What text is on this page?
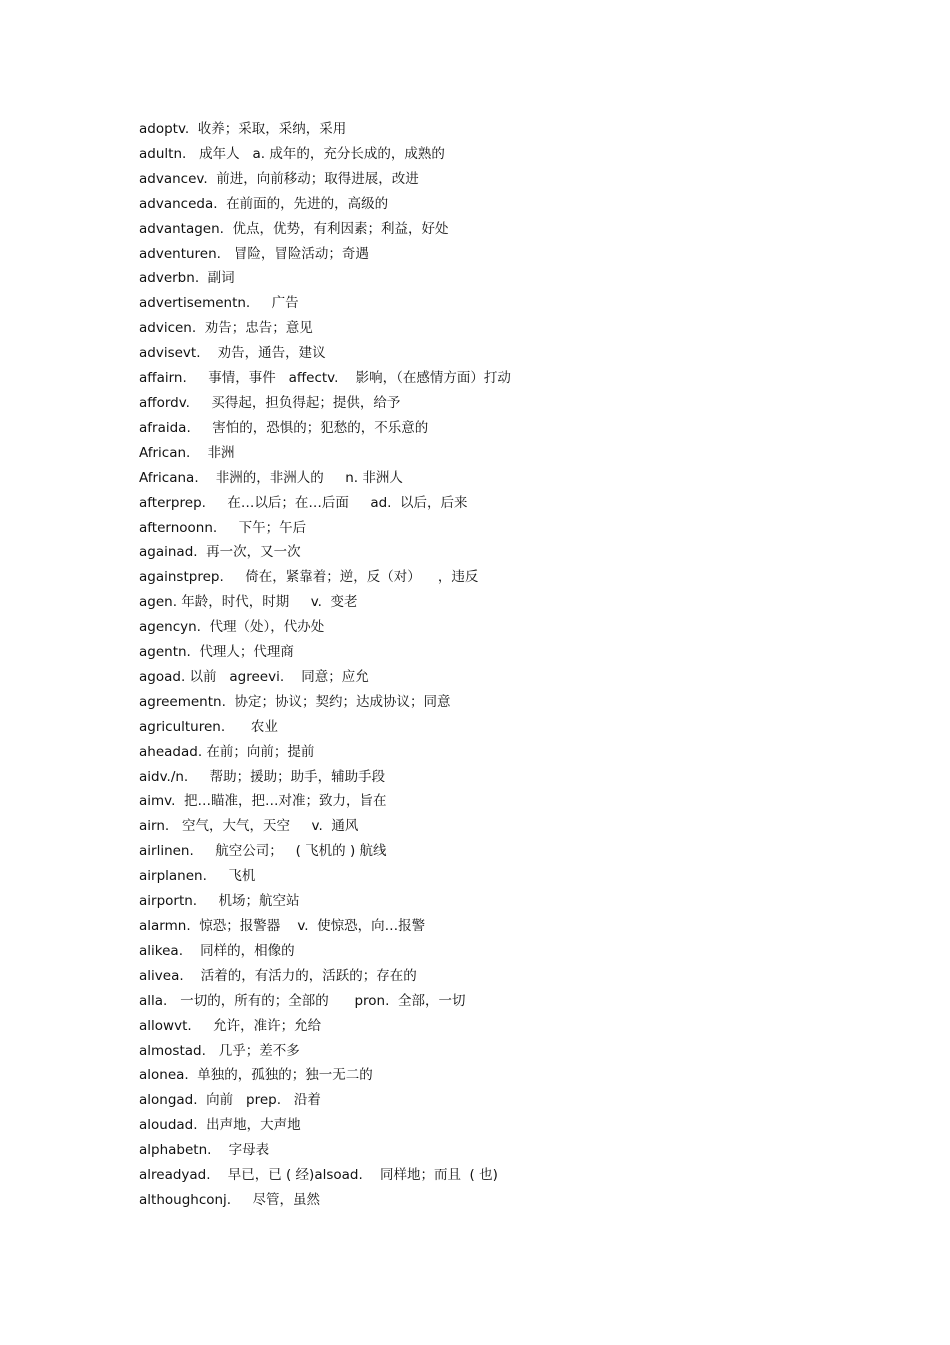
adoptv.  收养；采取，采纳，采用
adultn.   成年人   a. 成年的，充分长成的，成熟的
advancev.  前进，向前移动；取得进展，改进
advanceda.  在前面的，先进的，高级的
advantagen.  优点，优势，有利因素；利益，好处
adventuren.   冒险，冒险活动；奇遇
adverbn.  副词
advertisementn.     广告
advicen.  劝告；忠告；意见
advisevt.    劝告，通告，建议
affairn.     事情，事件   affectv.    影响，（在感情方面）打动
affordv.     买得起，担负得起；提供，给予
afraida.     害怕的，恐惧的；犯愁的，不乐意的
African.    非洲
Africana.    非洲的，非洲人的     n. 非洲人
afterprep.     在…以后；在…后面     ad.  以后，后来
afternoonn.     下午；午后
againad.  再一次，又一次
againstprep.     倚在，紧靠着；逆，反（对）    ，违反
agen. 年龄，时代，时期     v.  变老
agencyn.  代理（处），代办处
agentn.  代理人；代理商
agoad. 以前   agreevi.    同意；应允
agreementn.  协定；协议；契约；达成协议；同意
agriculturen.      农业
aheadad. 在前；向前；提前
aidv./n.     帮助；援助；助手，辅助手段
aimv.  把…瞄准，把…对准；致力，旨在
airn.   空气，大气，天空     v.  通风
airlinen.     航空公司；   ( 飞机的 ) 航线
airplanen.     飞机
airportn.     机场；航空站
alarmn.  惊恐；报警器    v.  使惊恐，向…报警
alikea.    同样的，相像的
alivea.    活着的，有活力的，活跃的；存在的
alla.   一切的，所有的；全部的      pron.  全部，一切
allowvt.     允许，准许；允给
almostad.   几乎；差不多
alonea.  单独的，孤独的；独一无二的
alongad.  向前   prep.   沿着
aloudad.  出声地，大声地
alphabetn.    字母表
alreadyad.    早已，已 ( 经)alsoad.    同样地；而且  ( 也)
althoughconj.     尽管，虽然
